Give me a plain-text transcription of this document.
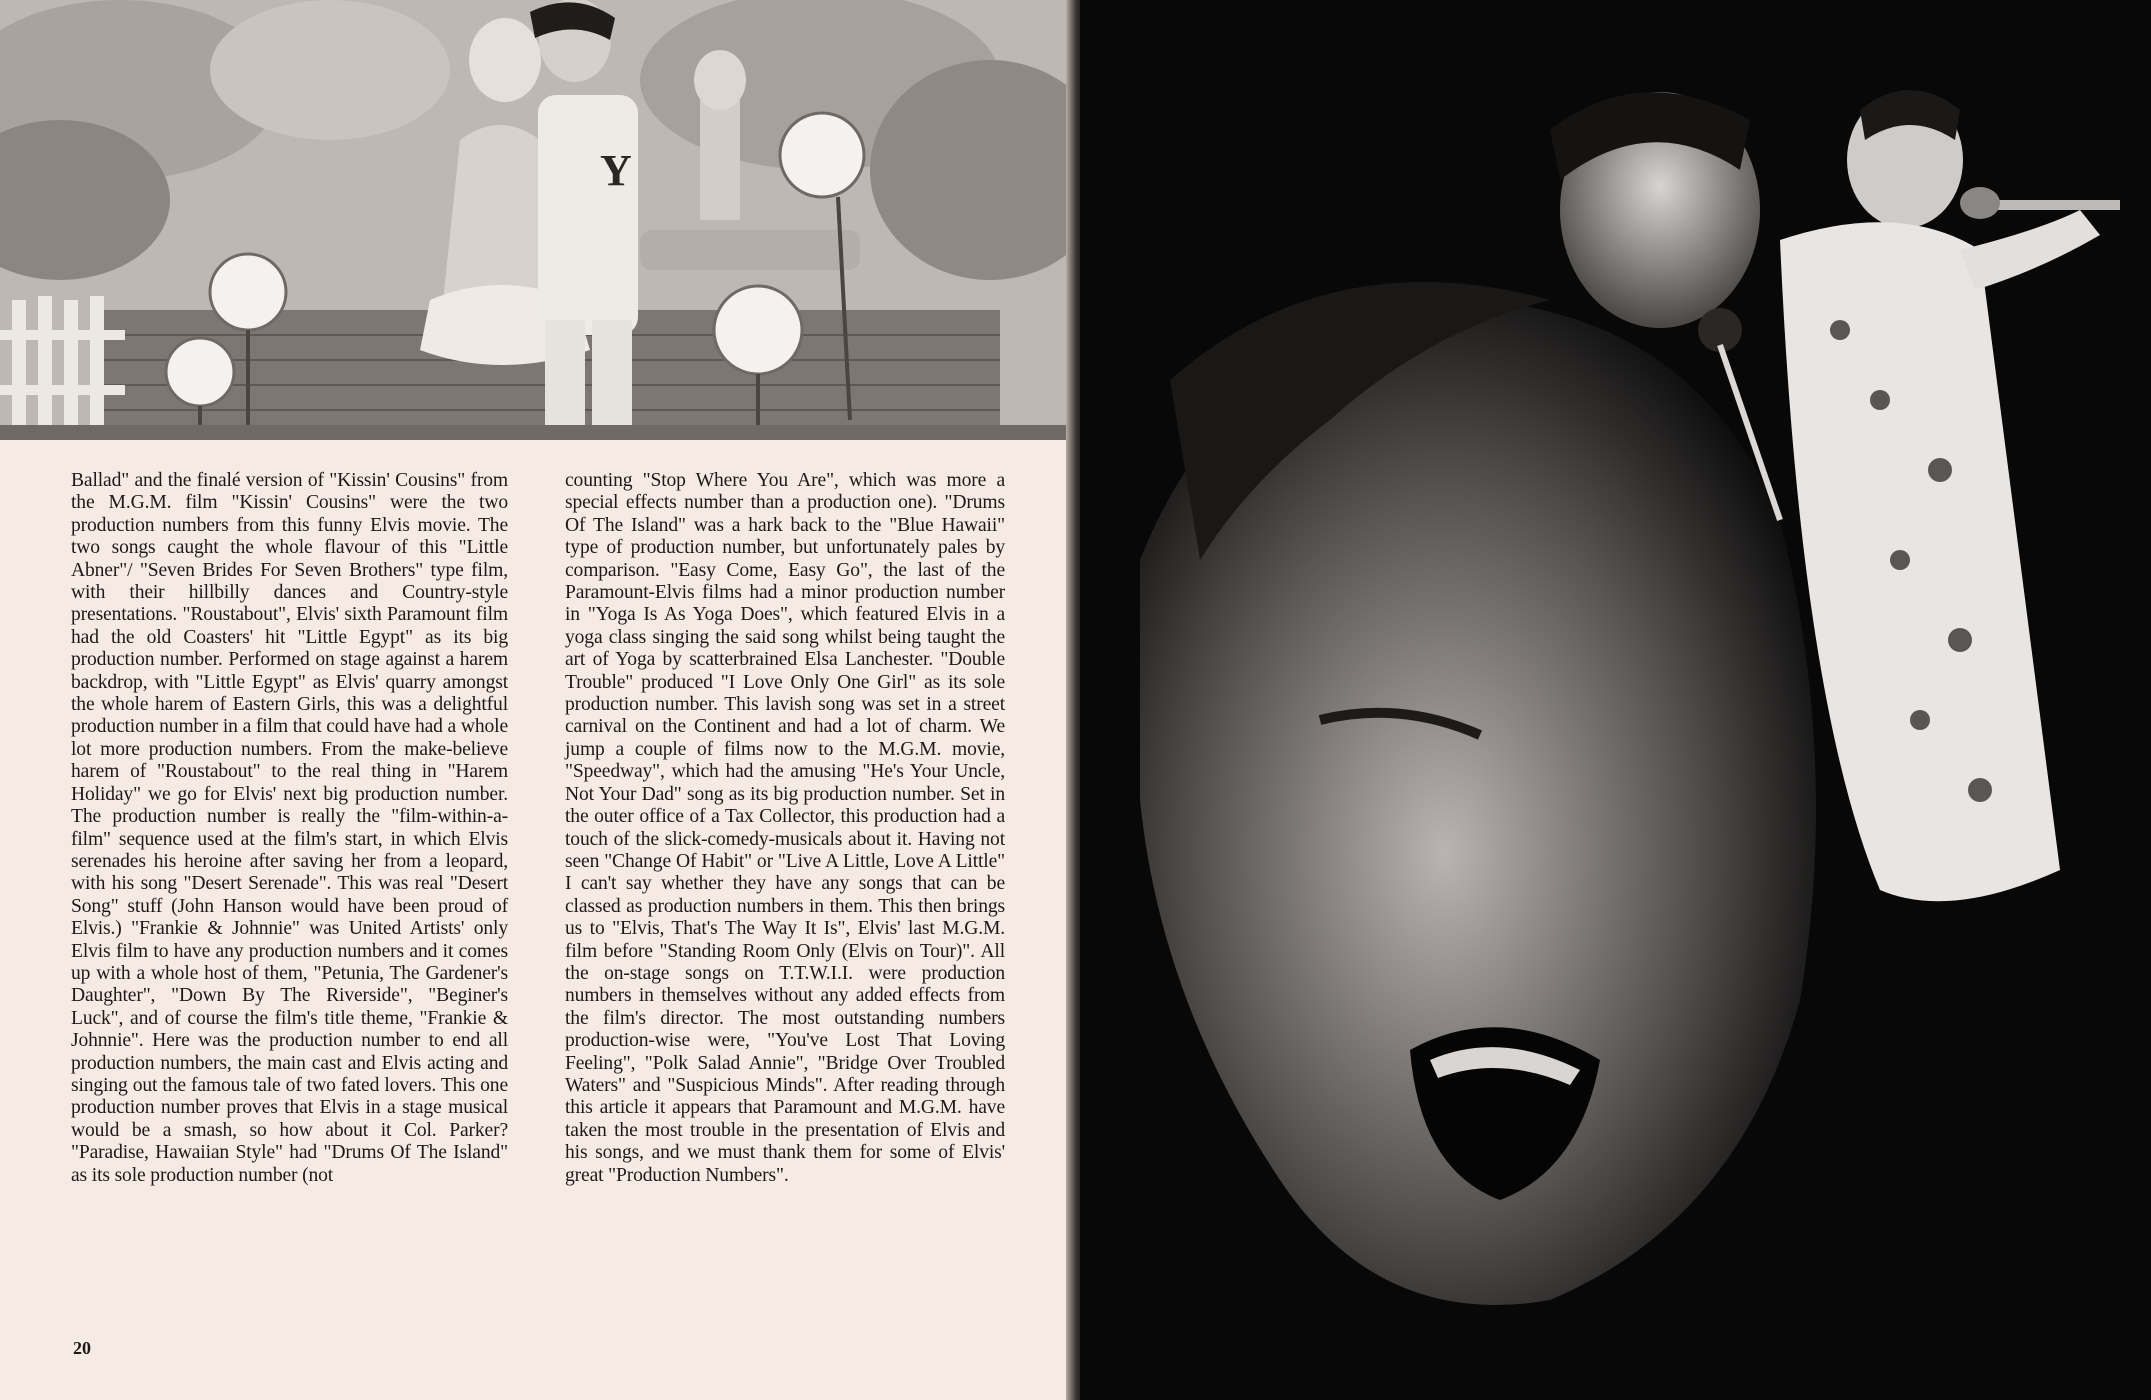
Y
Ballad" and the finalé version of "Kissin' Cousins" from the M.G.M. film "Kissin' Cousins" were the two production numbers from this funny Elvis movie. The two songs caught the whole flavour of this "Little Abner"/ "Seven Brides For Seven Brothers" type film, with their hillbilly dances and Country-style presentations. "Roustabout", Elvis' sixth Paramount film had the old Coasters' hit "Little Egypt" as its big production number. Performed on stage against a harem backdrop, with "Little Egypt" as Elvis' quarry amongst the whole harem of Eastern Girls, this was a delightful production number in a film that could have had a whole lot more production numbers. From the make-believe harem of "Roustabout" to the real thing in "Harem Holiday" we go for Elvis' next big production number. The production number is really the "film-within-a-film" sequence used at the film's start, in which Elvis serenades his heroine after saving her from a leopard, with his song "Desert Serenade". This was real "Desert Song" stuff (John Hanson would have been proud of Elvis.) "Frankie & Johnnie" was United Artists' only Elvis film to have any production numbers and it comes up with a whole host of them, "Petunia, The Gardener's Daughter", "Down By The Riverside", "Beginer's Luck", and of course the film's title theme, "Frankie & Johnnie". Here was the production number to end all production numbers, the main cast and Elvis acting and singing out the famous tale of two fated lovers. This one production number proves that Elvis in a stage musical would be a smash, so how about it Col. Parker? "Paradise, Hawaiian Style" had "Drums Of The Island" as its sole production number (not
counting "Stop Where You Are", which was more a special effects number than a production one). "Drums Of The Island" was a hark back to the "Blue Hawaii" type of production number, but unfortunately pales by comparison. "Easy Come, Easy Go", the last of the Paramount-Elvis films had a minor production number in "Yoga Is As Yoga Does", which featured Elvis in a yoga class singing the said song whilst being taught the art of Yoga by scatterbrained Elsa Lanchester. "Double Trouble" produced "I Love Only One Girl" as its sole production number. This lavish song was set in a street carnival on the Continent and had a lot of charm. We jump a couple of films now to the M.G.M. movie, "Speedway", which had the amusing "He's Your Uncle, Not Your Dad" song as its big production number. Set in the outer office of a Tax Collector, this production had a touch of the slick-comedy-musicals about it. Having not seen "Change Of Habit" or "Live A Little, Love A Little" I can't say whether they have any songs that can be classed as production numbers in them. This then brings us to "Elvis, That's The Way It Is", Elvis' last M.G.M. film before "Standing Room Only (Elvis on Tour)". All the on-stage songs on T.T.W.I.I. were production numbers in themselves without any added effects from the film's director. The most outstanding numbers production-wise were, "You've Lost That Loving Feeling", "Polk Salad Annie", "Bridge Over Troubled Waters" and "Suspicious Minds". After reading through this article it appears that Paramount and M.G.M. have taken the most trouble in the presentation of Elvis and his songs, and we must thank them for some of Elvis' great "Production Numbers".
20
